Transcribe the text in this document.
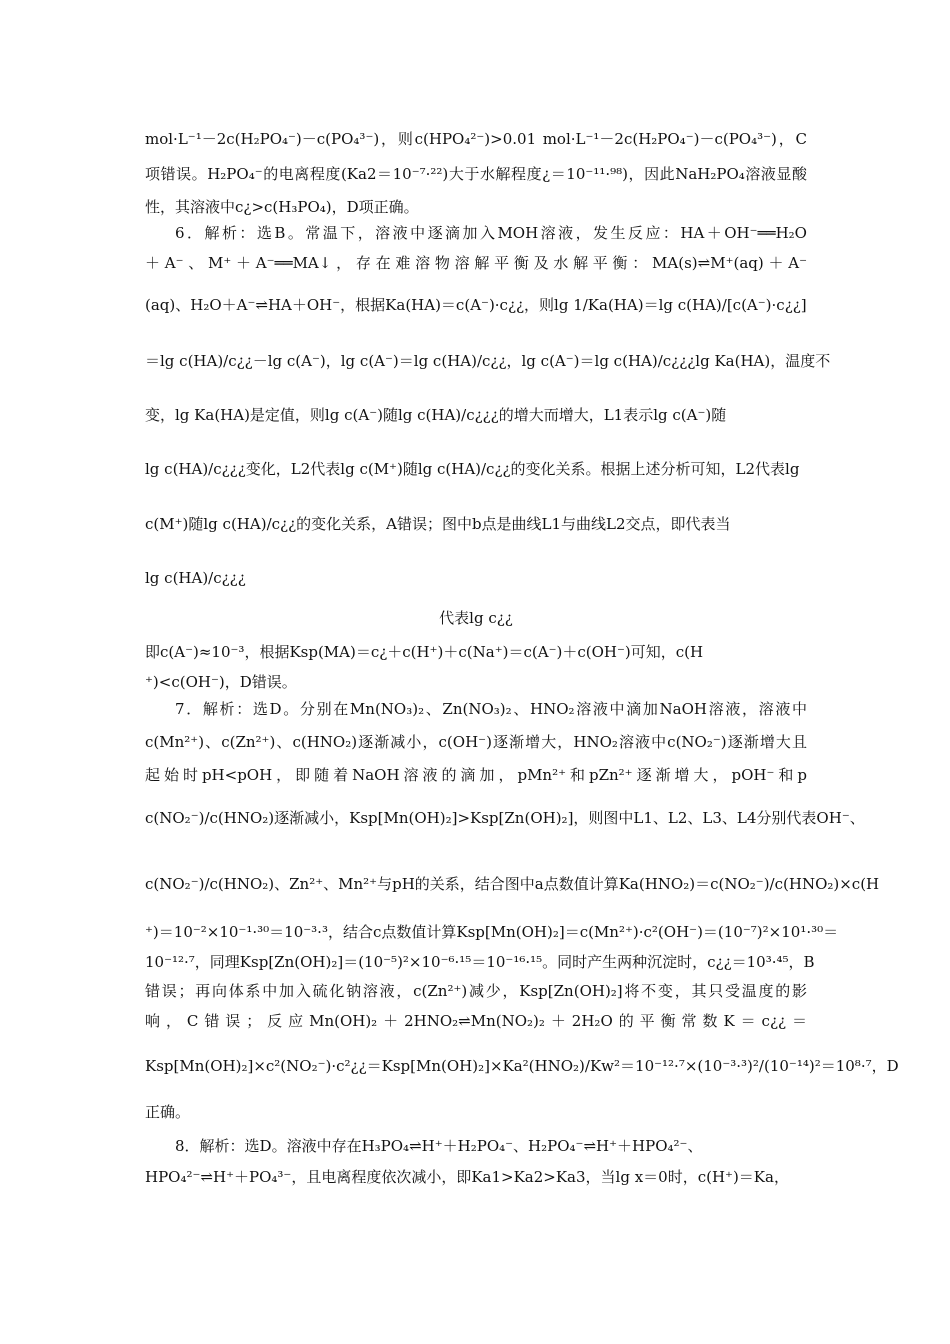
mol·L⁻¹－2c(H₂PO₄⁻)－c(PO₄³⁻)，则c(HPO₄²⁻)>0.01 mol·L⁻¹－2c(H₂PO₄⁻)－c(PO₄³⁻)，C
项错误。H₂PO₄⁻的电离程度(Ka2＝10⁻⁷·²²)大于水解程度¿＝10⁻¹¹·⁹⁸)，因此NaH₂PO₄溶液显酸
性，其溶液中c¿>c(H₃PO₄)，D项正确。
6．解析：选B。常温下，溶液中逐滴加入MOH溶液，发生反应：HA＋OH⁻══H₂O
＋A⁻、M⁺＋A⁻══MA↓，存在难溶物溶解平衡及水解平衡：MA(s)⇌M⁺(aq)＋A⁻
(aq)、H₂O＋A⁻⇌HA＋OH⁻，根据Ka(HA)＝c(A⁻)·c¿¿，则lg 1/Ka(HA)＝lg c(HA)/[c(A⁻)·c¿¿]
＝lg c(HA)/c¿¿－lg c(A⁻)，lg c(A⁻)＝lg c(HA)/c¿¿，lg c(A⁻)＝lg c(HA)/c¿¿¿lg Ka(HA)，温度不
变，lg Ka(HA)是定值，则lg c(A⁻)随lg c(HA)/c¿¿¿的增大而增大，L1表示lg c(A⁻)随
lg c(HA)/c¿¿¿变化，L2代表lg c(M⁺)随lg c(HA)/c¿¿的变化关系。根据上述分析可知，L2代表lg
c(M⁺)随lg c(HA)/c¿¿的变化关系，A错误；图中b点是曲线L1与曲线L2交点，即代表当
lg c(HA)/c¿¿¿
代表lg c¿¿
即c(A⁻)≈10⁻³，根据Ksp(MA)＝c¿＋c(H⁺)＋c(Na⁺)＝c(A⁻)＋c(OH⁻)可知，c(H
⁺)<c(OH⁻)，D错误。
7．解析：选D。分别在Mn(NO₃)₂、Zn(NO₃)₂、HNO₂溶液中滴加NaOH溶液，溶液中
c(Mn²⁺)、c(Zn²⁺)、c(HNO₂)逐渐减小，c(OH⁻)逐渐增大，HNO₂溶液中c(NO₂⁻)逐渐增大且
起始时pH<pOH，即随着NaOH溶液的滴加，pMn²⁺和pZn²⁺逐渐增大，pOH⁻和p
c(NO₂⁻)/c(HNO₂)逐渐减小，Ksp[Mn(OH)₂]>Ksp[Zn(OH)₂]，则图中L1、L2、L3、L4分别代表OH⁻、
c(NO₂⁻)/c(HNO₂)、Zn²⁺、Mn²⁺与pH的关系，结合图中a点数值计算Ka(HNO₂)＝c(NO₂⁻)/c(HNO₂)×c(H
⁺)＝10⁻²×10⁻¹·³⁰＝10⁻³·³，结合c点数值计算Ksp[Mn(OH)₂]＝c(Mn²⁺)·c²(OH⁻)＝(10⁻⁷)²×10¹·³⁰＝
10⁻¹²·⁷，同理Ksp[Zn(OH)₂]＝(10⁻⁵)²×10⁻⁶·¹⁵＝10⁻¹⁶·¹⁵。同时产生两种沉淀时，c¿¿＝10³·⁴⁵，B
错误；再向体系中加入硫化钠溶液，c(Zn²⁺)减少，Ksp[Zn(OH)₂]将不变，其只受温度的影
响，C错误；反应Mn(OH)₂＋2HNO₂⇌Mn(NO₂)₂＋2H₂O的平衡常数K＝c¿¿＝
Ksp[Mn(OH)₂]×c²(NO₂⁻)·c²¿¿＝Ksp[Mn(OH)₂]×Ka²(HNO₂)/Kw²＝10⁻¹²·⁷×(10⁻³·³)²/(10⁻¹⁴)²＝10⁸·⁷，D
正确。
8．解析：选D。溶液中存在H₃PO₄⇌H⁺＋H₂PO₄⁻、H₂PO₄⁻⇌H⁺＋HPO₄²⁻、
HPO₄²⁻⇌H⁺＋PO₄³⁻，且电离程度依次减小，即Ka1>Ka2>Ka3，当lg x＝0时，c(H⁺)＝Ka，
